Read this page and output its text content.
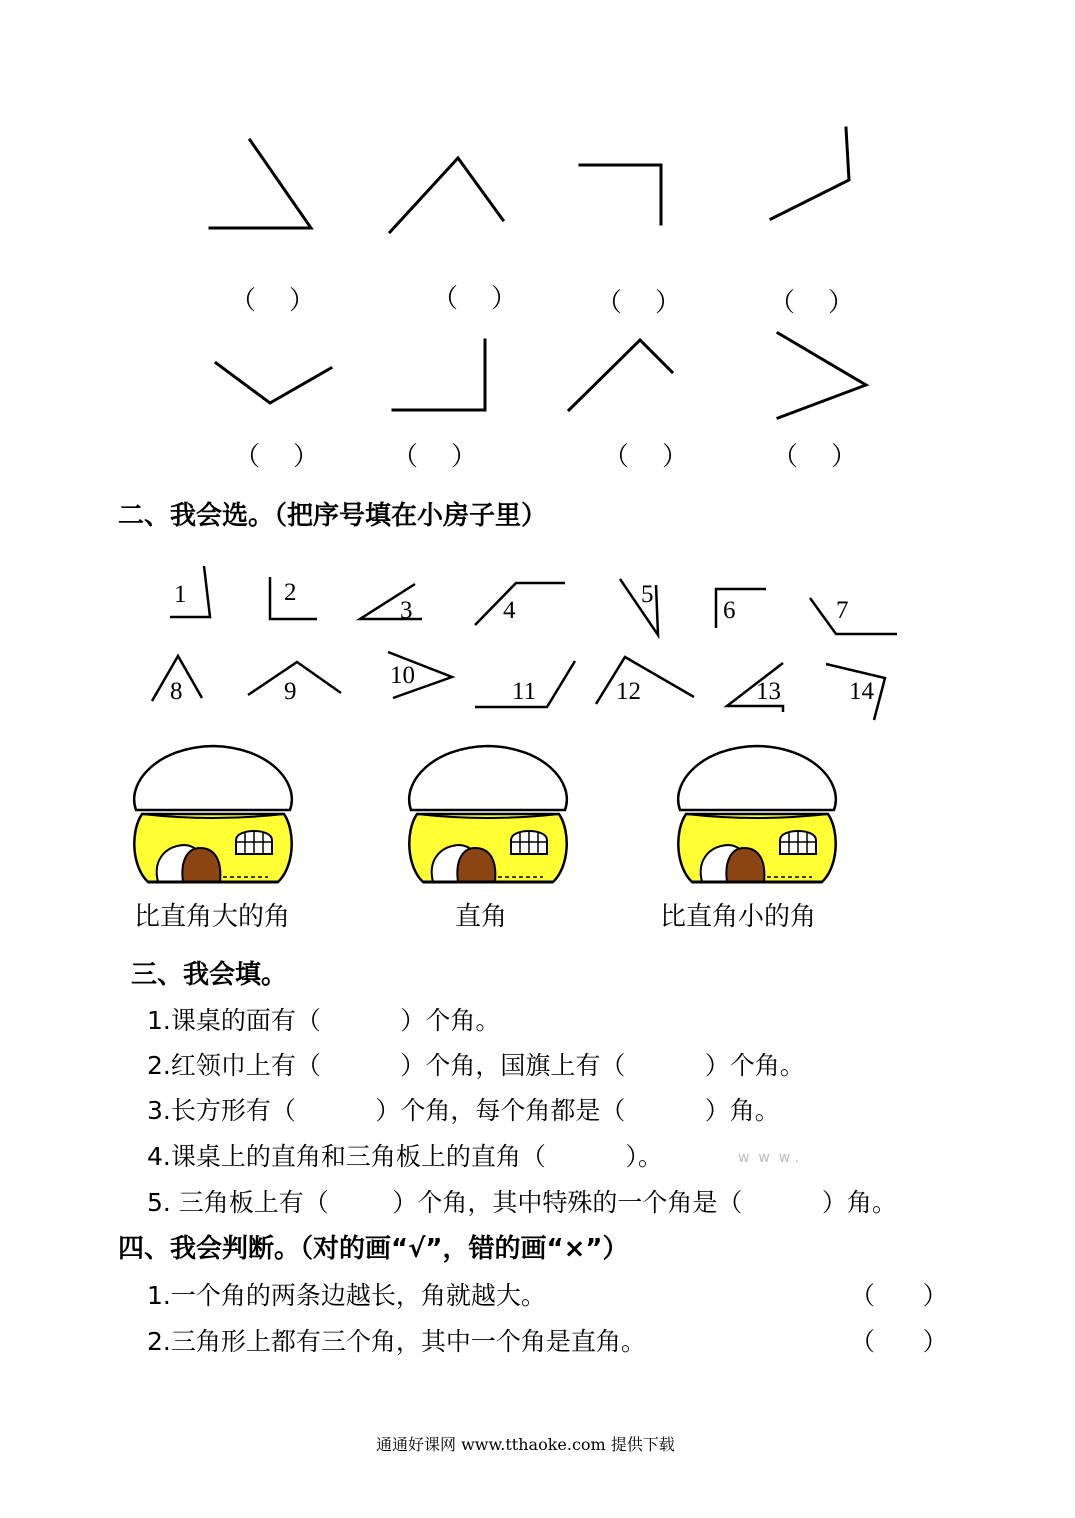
（    ）	（    ）	（    ）	（    ）
（    ）	（    ）	（    ）	（    ）
二、我会选。（把序号填在小房子里）
1	2
3	4
5
6	7
8	9
10
11	12	13	14
比直角大的角	直角	比直角小的角
三、我会填。
1.课桌的面有（          ）个角。
2.红领巾上有（          ）个角，国旗上有（          ）个角。
3.长方形有（          ）个角，每个角都是（          ）角。
4.课桌上的直角和三角板上的直角（          ）。	w  w  w .
5. 三角板上有（        ）个角，其中特殊的一个角是（          ）角。
四、我会判断。（对的画“√”，错的画“×”）
1.一个角的两条边越长，角就越大。	（      ）
2.三角形上都有三个角，其中一个角是直角。	（      ）
通通好课网 www.tthaoke.com 提供下载
